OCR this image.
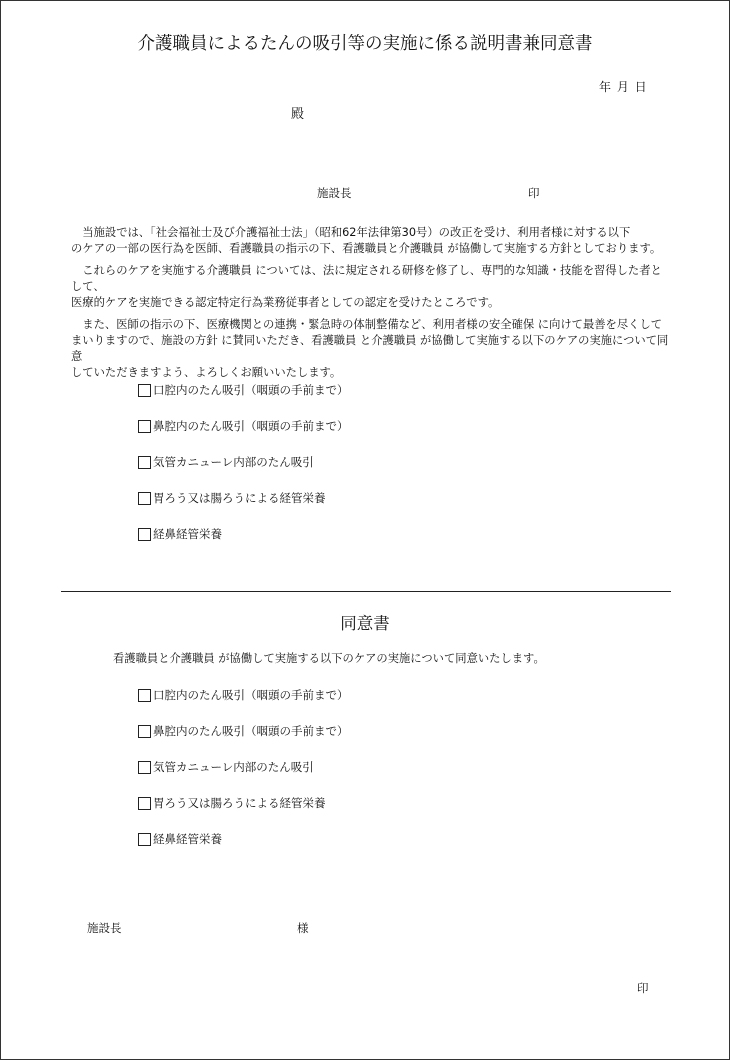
介護職員によるたんの吸引等の実施に係る説明書兼同意書
年 月 日
殿
施設長	印

　当施設では、「社会福祉士及び介護福祉士法」（昭和62年法律第30号）の改正を受け、利用者様に対する以下
のケアの一部の医行為を医師、看護職員の指示の下、看護職員と介護職員 が協働して実施する方針としております。

　これらのケアを実施する介護職員 については、法に規定される研修を修了し、専門的な知識・技能を習得した者として、
医療的ケアを実施できる認定特定行為業務従事者としての認定を受けたところです。

　また、医師の指示の下、医療機関との連携・緊急時の体制整備など、利用者様の安全確保 に向けて最善を尽くして
まいりますので、施設の方針 に賛同いただき、看護職員 と介護職員 が協働して実施する以下のケアの実施について同意
していただきますよう、よろしくお願いいたします。

口腔内のたん吸引（咽頭の手前まで）
鼻腔内のたん吸引（咽頭の手前まで）
気管カニューレ内部のたん吸引
胃ろう又は腸ろうによる経管栄養
経鼻経管栄養
同意書
看護職員と介護職員 が協働して実施する以下のケアの実施について同意いたします。
口腔内のたん吸引（咽頭の手前まで）
鼻腔内のたん吸引（咽頭の手前まで）
気管カニューレ内部のたん吸引
胃ろう又は腸ろうによる経管栄養
経鼻経管栄養
施設長	様
印
